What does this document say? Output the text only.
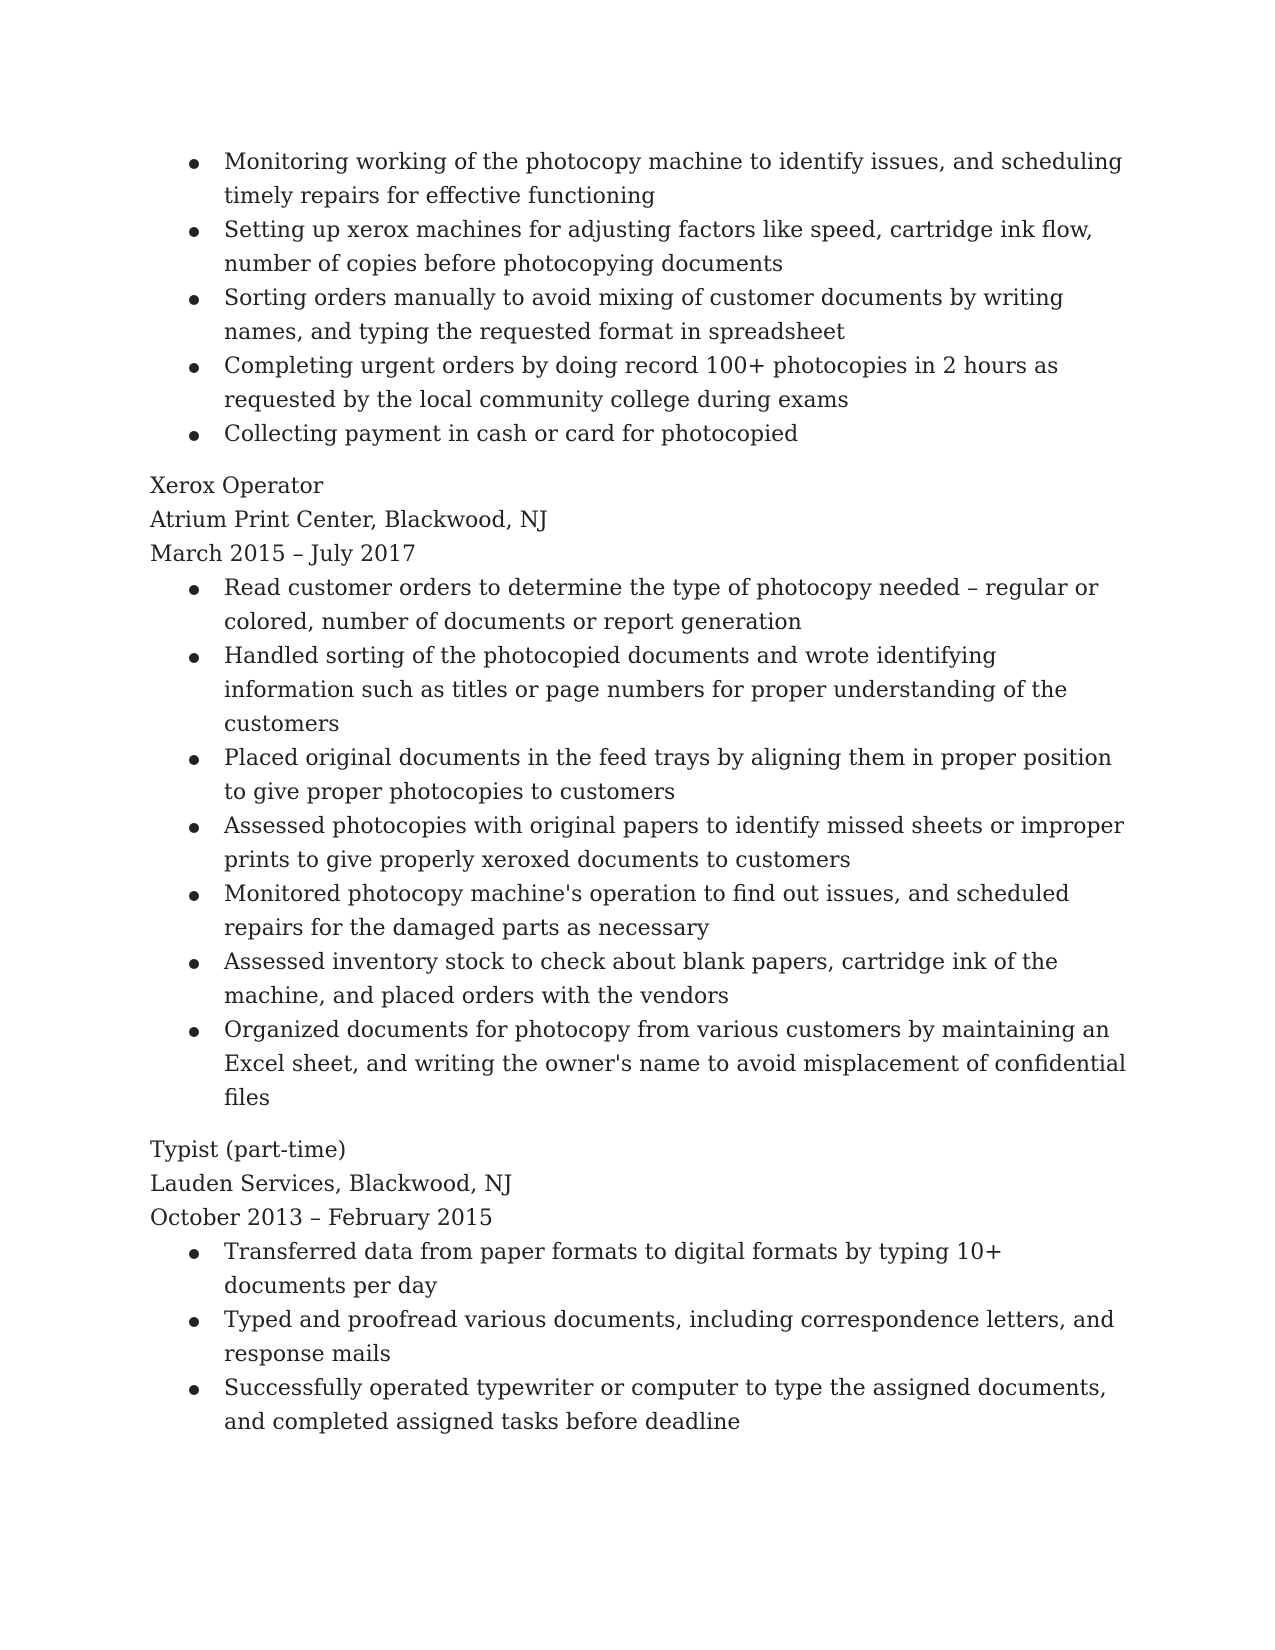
Monitoring working of the photocopy machine to identify issues, and scheduling timely repairs for effective functioning
Setting up xerox machines for adjusting factors like speed, cartridge ink flow, number of copies before photocopying documents
Sorting orders manually to avoid mixing of customer documents by writing names, and typing the requested format in spreadsheet
Completing urgent orders by doing record 100+ photocopies in 2 hours as requested by the local community college during exams
Collecting payment in cash or card for photocopied
Xerox Operator
Atrium Print Center, Blackwood, NJ
March 2015 – July 2017
Read customer orders to determine the type of photocopy needed – regular or colored, number of documents or report generation
Handled sorting of the photocopied documents and wrote identifying information such as titles or page numbers for proper understanding of the customers
Placed original documents in the feed trays by aligning them in proper position to give proper photocopies to customers
Assessed photocopies with original papers to identify missed sheets or improper prints to give properly xeroxed documents to customers
Monitored photocopy machine's operation to find out issues, and scheduled repairs for the damaged parts as necessary
Assessed inventory stock to check about blank papers, cartridge ink of the machine, and placed orders with the vendors
Organized documents for photocopy from various customers by maintaining an Excel sheet, and writing the owner's name to avoid misplacement of confidential files
Typist (part-time)
Lauden Services, Blackwood, NJ
October 2013 – February 2015
Transferred data from paper formats to digital formats by typing 10+ documents per day
Typed and proofread various documents, including correspondence letters, and response mails
Successfully operated typewriter or computer to type the assigned documents, and completed assigned tasks before deadline
